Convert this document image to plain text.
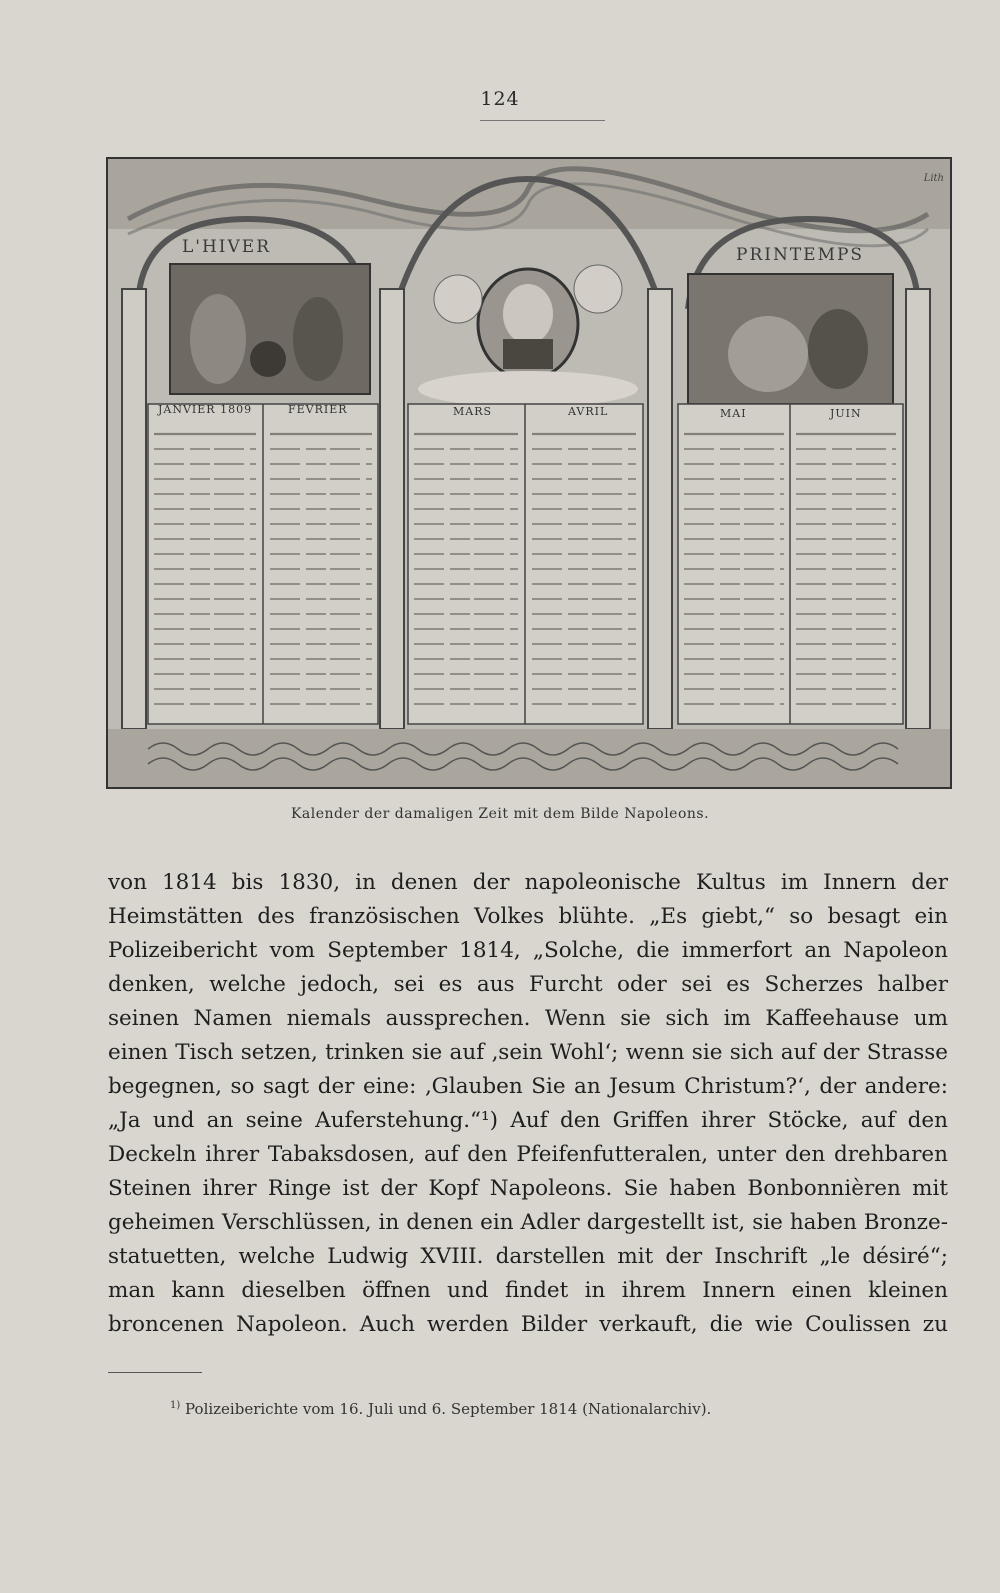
124
Lith
L'HIVER	PRINTEMPS
JANVIER 1809	FEVRIER	MARS	AVRIL	MAI	JUIN
Kalender der damaligen Zeit mit dem Bilde Napoleons.
von 1814 bis 1830, in denen der napoleonische Kultus im Innern der
Heimstätten des französischen Volkes blühte. „Es giebt,“ so besagt ein
Polizeibericht vom September 1814, „Solche, die immerfort an Napoleon
denken, welche jedoch, sei es aus Furcht oder sei es Scherzes halber
seinen Namen niemals aussprechen. Wenn sie sich im Kaffeehause um
einen Tisch setzen, trinken sie auf ‚sein Wohl‘; wenn sie sich auf der Strasse
begegnen, so sagt der eine: ‚Glauben Sie an Jesum Christum?‘, der andere:
„Ja und an seine Auferstehung.“¹) Auf den Griffen ihrer Stöcke, auf den
Deckeln ihrer Tabaksdosen, auf den Pfeifenfutteralen, unter den drehbaren
Steinen ihrer Ringe ist der Kopf Napoleons. Sie haben Bonbonnièren mit
geheimen Verschlüssen, in denen ein Adler dargestellt ist, sie haben Bronze-
statuetten, welche Ludwig XVIII. darstellen mit der Inschrift „le désiré“;
man kann dieselben öffnen und findet in ihrem Innern einen kleinen
broncenen Napoleon. Auch werden Bilder verkauft, die wie Coulissen zu
$^{1)}$ Polizeiberichte vom 16. Juli und 6. September 1814 (Nationalarchiv).
